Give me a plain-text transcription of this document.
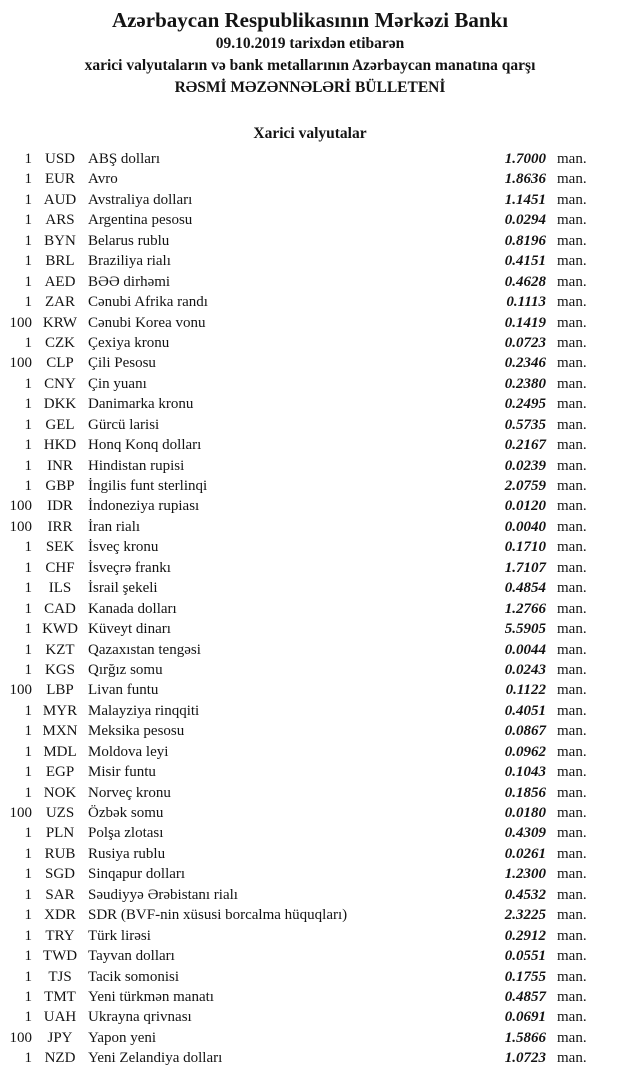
Azərbaycan Respublikasının Mərkəzi Bankı
09.10.2019 tarixdən etibarən
xarici valyutaların və bank metallarının Azərbaycan manatına qarşı
RƏSMİ MƏZƏNNƏLƏRİ BÜLLETENİ
Xarici valyutalar
1 USD ABŞ dolları	1.7000 man.
1 EUR Avro	1.8636 man.
1 AUD Avstraliya dolları	1.1451 man.
1 ARS Argentina pesosu	0.0294 man.
1 BYN Belarus rublu	0.8196 man.
1 BRL Braziliya rialı	0.4151 man.
1 AED BƏƏ dirhəmi	0.4628 man.
1 ZAR Cənubi Afrika randı	0.1113 man.
100 KRW Cənubi Korea vonu	0.1419 man.
1 CZK Çexiya kronu	0.0723 man.
100 CLP Çili Pesosu	0.2346 man.
1 CNY Çin yuanı	0.2380 man.
1 DKK Danimarka kronu	0.2495 man.
1 GEL Gürcü larisi	0.5735 man.
1 HKD Honq Konq dolları	0.2167 man.
1	INR	Hindistan rupisi	0.0239 man.
1 GBP İngilis funt sterlinqi	2.0759 man.
100	IDR	İndoneziya rupiası	0.0120 man.
100	IRR	İran rialı	0.0040 man.
1 SEK İsveç kronu	0.1710 man.
1 CHF İsveçrə frankı	1.7107 man.
1	ILS	İsrail şekeli	0.4854 man.
1 CAD Kanada dolları	1.2766 man.
1 KWD Küveyt dinarı	5.5905 man.
1 KZT Qazaxıstan tengəsi	0.0044 man.
1 KGS Qırğız somu	0.0243 man.
100 LBP Livan funtu	0.1122 man.
1 MYR Malayziya rinqqiti	0.4051 man.
1 MXN Meksika pesosu	0.0867 man.
1 MDL Moldova leyi	0.0962 man.
1 EGP Misir funtu	0.1043 man.
1 NOK Norveç kronu	0.1856 man.
100 UZS Özbək somu	0.0180 man.
1 PLN Polşa zlotası	0.4309 man.
1 RUB Rusiya rublu	0.0261 man.
1 SGD Sinqapur dolları	1.2300 man.
1 SAR Səudiyyə Ərəbistanı rialı	0.4532 man.
1 XDR SDR (BVF-nin xüsusi borcalma hüquqları)	2.3225 man.
1 TRY Türk lirəsi	0.2912 man.
1 TWD Tayvan dolları	0.0551 man.
1	TJS	Tacik somonisi	0.1755 man.
1 TMT Yeni türkmən manatı	0.4857 man.
1 UAH Ukrayna qrivnası	0.0691 man.
100	JPY	Yapon yeni	1.5866 man.
1 NZD Yeni Zelandiya dolları	1.0723 man.
